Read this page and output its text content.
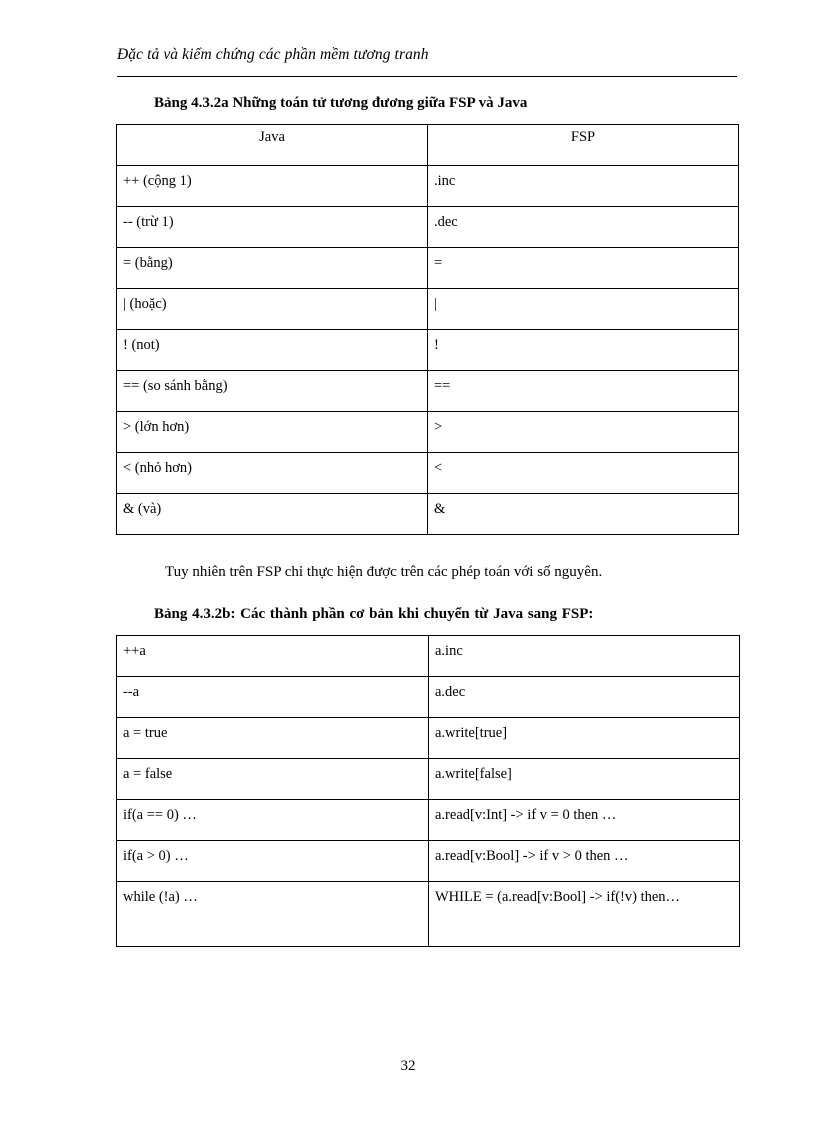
Đặc tả và kiểm chứng các phần mềm tương tranh
Bảng 4.3.2a Những toán tử tương đương giữa FSP và Java
Java	FSP
++ (cộng 1)	.inc
-- (trừ 1)	.dec
= (bằng)	=
| (hoặc)	|
! (not)	!
== (so sánh bằng)	==
> (lớn hơn)	>
< (nhỏ hơn)	<
& (và)	&
Tuy nhiên trên FSP chỉ thực hiện được trên các phép toán với số nguyên.
Bảng 4.3.2b: Các thành phần cơ bản khi chuyển từ Java sang FSP:
++a	a.inc
--a	a.dec
a = true	a.write[true]
a = false	a.write[false]
if(a == 0) …	a.read[v:Int] -> if v = 0 then …
if(a > 0) …	a.read[v:Bool] -> if v > 0 then …
while (!a) …	WHILE = (a.read[v:Bool] -> if(!v) then…
32
